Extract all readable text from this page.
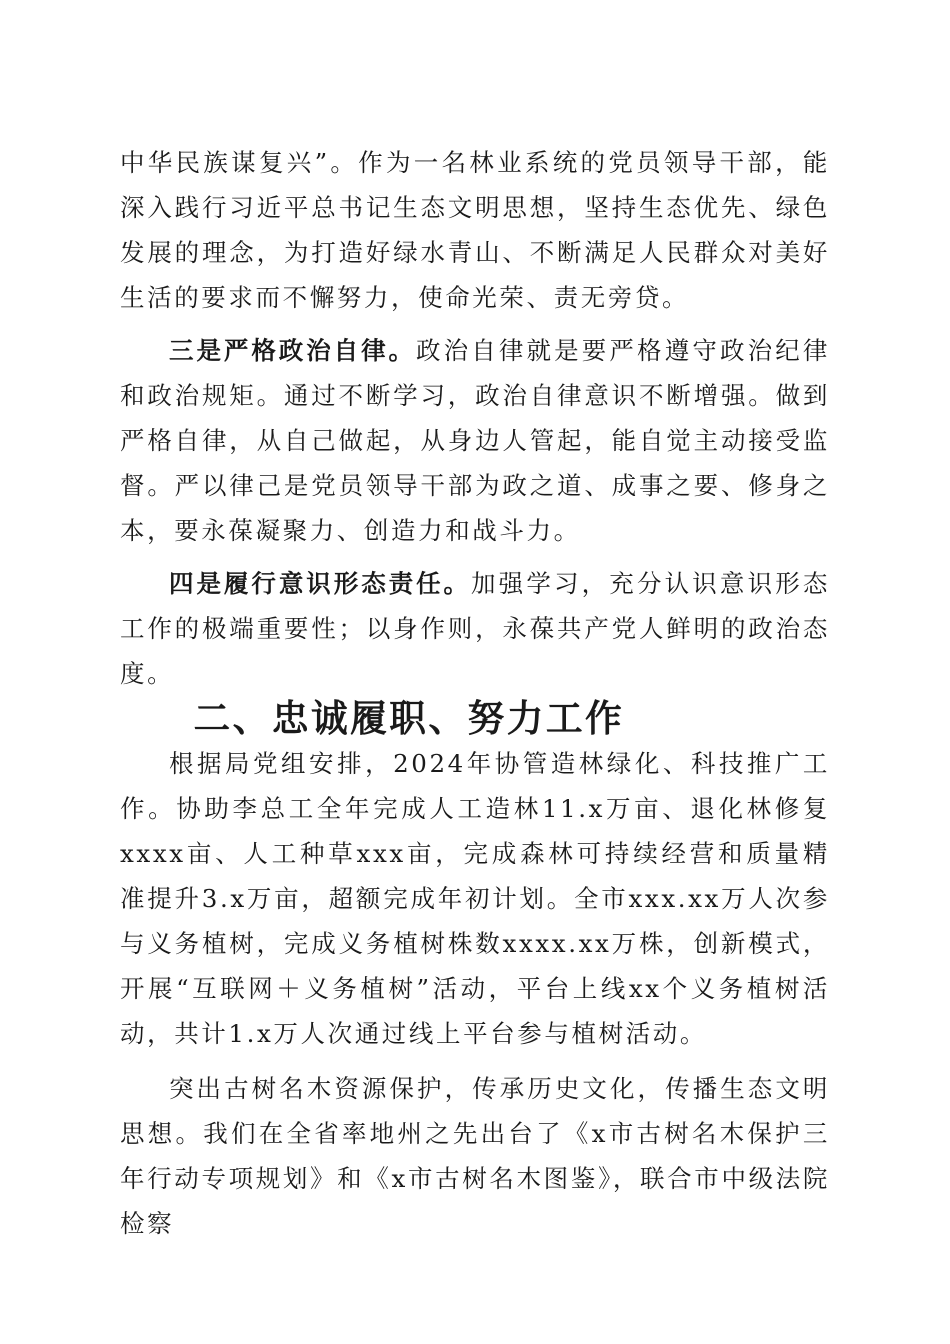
中华民族谋复兴”。作为一名林业系统的党员领导干部，能深入践行习近平总书记生态文明思想，坚持生态优先、绿色发展的理念，为打造好绿水青山、不断满足人民群众对美好生活的要求而不懈努力，使命光荣、责无旁贷。

三是严格政治自律。政治自律就是要严格遵守政治纪律和政治规矩。通过不断学习，政治自律意识不断增强。做到严格自律，从自己做起，从身边人管起，能自觉主动接受监督。严以律己是党员领导干部为政之道、成事之要、修身之本，要永葆凝聚力、创造力和战斗力。

四是履行意识形态责任。加强学习，充分认识意识形态工作的极端重要性；以身作则，永葆共产党人鲜明的政治态度。

二、忠诚履职、努力工作

根据局党组安排，2024年协管造林绿化、科技推广工作。协助李总工全年完成人工造林11.x万亩、退化林修复xxxx亩、人工种草xxx亩，完成森林可持续经营和质量精准提升3.x万亩，超额完成年初计划。全市xxx.xx万人次参与义务植树，完成义务植树株数xxxx.xx万株，创新模式，开展“互联网＋义务植树”活动，平台上线xx个义务植树活动，共计1.x万人次通过线上平台参与植树活动。

突出古树名木资源保护，传承历史文化，传播生态文明思想。我们在全省率地州之先出台了《x市古树名木保护三年行动专项规划》和《x市古树名木图鉴》，联合市中级法院检察
